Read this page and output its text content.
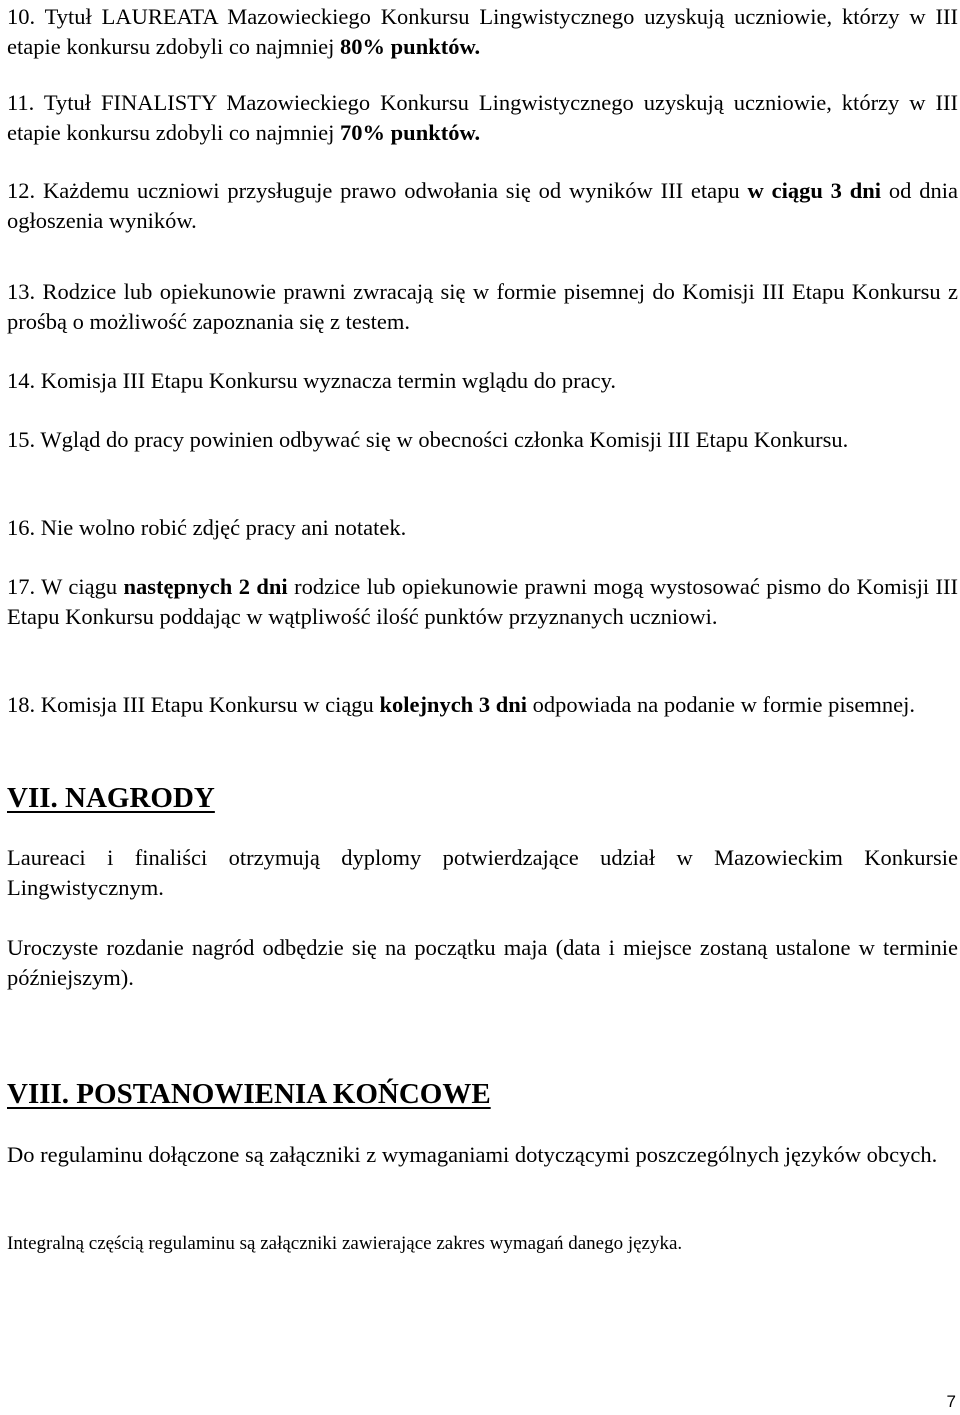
10. Tytuł LAUREATA Mazowieckiego Konkursu Lingwistycznego uzyskują uczniowie, którzy w III etapie konkursu zdobyli co najmniej 80% punktów.

11. Tytuł FINALISTY Mazowieckiego Konkursu Lingwistycznego uzyskują uczniowie, którzy w III etapie konkursu zdobyli co najmniej 70% punktów.

12. Każdemu uczniowi przysługuje prawo odwołania się od wyników III etapu w ciągu 3 dni od dnia ogłoszenia wyników.

13. Rodzice lub opiekunowie prawni zwracają się w formie pisemnej do Komisji III Etapu Konkursu z prośbą o możliwość zapoznania się z testem.

14. Komisja III Etapu Konkursu wyznacza termin wglądu do pracy.

15. Wgląd do pracy powinien odbywać się w obecności członka Komisji III Etapu Konkursu.

16. Nie wolno robić zdjęć pracy ani notatek.

17. W ciągu następnych 2 dni rodzice lub opiekunowie prawni mogą wystosować pismo do Komisji III Etapu Konkursu poddając w wątpliwość ilość punktów przyznanych uczniowi.

18. Komisja III Etapu Konkursu w ciągu kolejnych 3 dni odpowiada na podanie w formie pisemnej.

VII. NAGRODY

Laureaci i finaliści otrzymują dyplomy potwierdzające udział w Mazowieckim Konkursie Lingwistycznym.

Uroczyste rozdanie nagród odbędzie się na początku maja (data i miejsce zostaną ustalone w terminie późniejszym).

VIII. POSTANOWIENIA KOŃCOWE

Do regulaminu dołączone są załączniki z wymaganiami dotyczącymi poszczególnych języków obcych.

Integralną częścią regulaminu są załączniki zawierające zakres wymagań danego języka.

7
